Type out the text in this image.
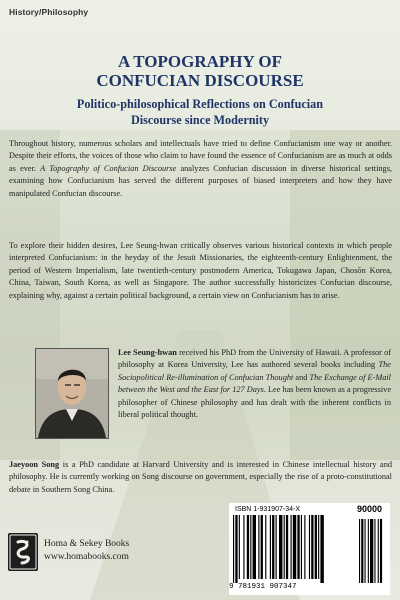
History/Philosophy
A TOPOGRAPHY OF
CONFUCIAN DISCOURSE
Politico-philosophical Reflections on Confucian
Discourse since Modernity

Throughout history, numerous scholars and intellectuals have tried to define Confucianism one way or another. Despite their efforts, the voices of those who claim to have found the essence of Confucianism are as much at odds as ever. A Topography of Confucian Discourse analyzes Confucian discussion in diverse historical settings, examining how Confucianism has served the different purposes of biased interpreters and how they have manipulated Confucian discourse.

To explore their hidden desires, Lee Seung-hwan critically observes various historical contexts in which people interpreted Confucianism: in the heyday of the Jesuit Missionaries, the eighteenth-century Enlightenment, the period of Western Imperialism, late twentieth-century postmodern America, Tokugawa Japan, Chosŏn Korea, China, Taiwan, South Korea, as well as Singapore. The author successfully historicizes Confucian discourse, explaining why, against a certain political background, a certain view on Confucianism has to arise.

Lee Seung-hwan received his PhD from the University of Hawaii. A professor of philosophy at Korea University, Lee has authored several books including The Sociopolitical Re-illumination of Confucian Thought and The Exchange of E-Mail between the West and the East for 127 Days. Lee has been known as a progressive philosopher of Chinese philosophy and has dealt with the inherent conflicts in liberal political thought.

Jaeyoon Song is a PhD candidate at Harvard University and is interested in Chinese intellectual history and philosophy. He is currently working on Song discourse on government, especially the rise of a proto-constitutional debate in Southern Song China.

Homa & Sekey Books
www.homabooks.com
ISBN 1-931907-34-X	90000
9 781931 907347
